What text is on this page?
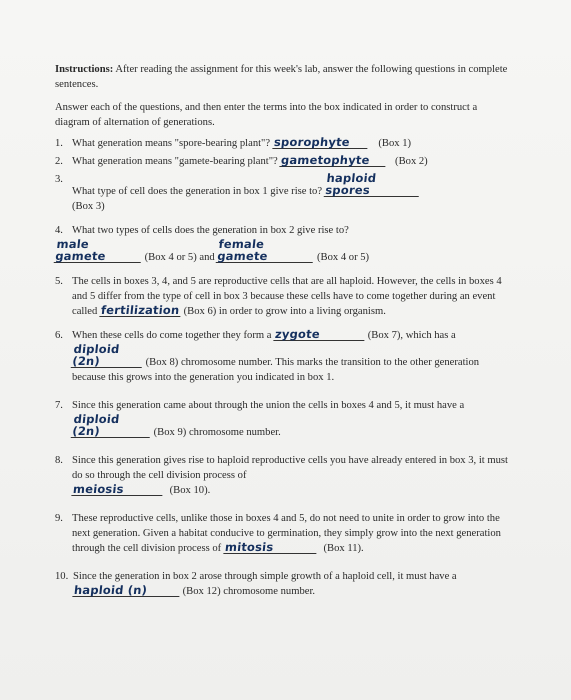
Instructions: After reading the assignment for this week's lab, answer the following questions in complete sentences.

Answer each of the questions, and then enter the terms into the box indicated in order to construct a diagram of alternation of generations.

1. What generation means "spore-bearing plant"? sporophyte	(Box 1)
2. What generation means "gamete-bearing plant"? gametophyte (Box 2)
3.
What type of cell does the generation in box 1 give rise to? haploid spores
(Box 3)
4. What two types of cells does the generation in box 2 give rise to?
male gamete	(Box 4 or 5) and female gamete	(Box 4 or 5)
5. The cells in boxes 3, 4, and 5 are reproductive cells that are all haploid. However, the cells in boxes 4 and 5 differ from the type of cell in box 3 because these cells have to come together during an event called fertilization (Box 6) in order to grow into a living organism.
6. When these cells do come together they form a zygote	(Box 7), which has a diploid (2n)	(Box 8) chromosome number. This marks the transition to the other generation because this grows into the generation you indicated in box 1.
7. Since this generation came about through the union the cells in boxes 4 and 5, it must have a diploid (2n)	(Box 9) chromosome number.
8. Since this generation gives rise to haploid reproductive cells you have already entered in box 3, it must do so through the cell division process of
meiosis	(Box 10).
9. These reproductive cells, unlike those in boxes 4 and 5, do not need to unite in order to grow into the next generation. Given a habitat conducive to germination, they simply grow into the next generation through the cell division process of mitosis	(Box 11).
10. Since the generation in box 2 arose through simple growth of a haploid cell, it must have a haploid (n)	(Box 12) chromosome number.
